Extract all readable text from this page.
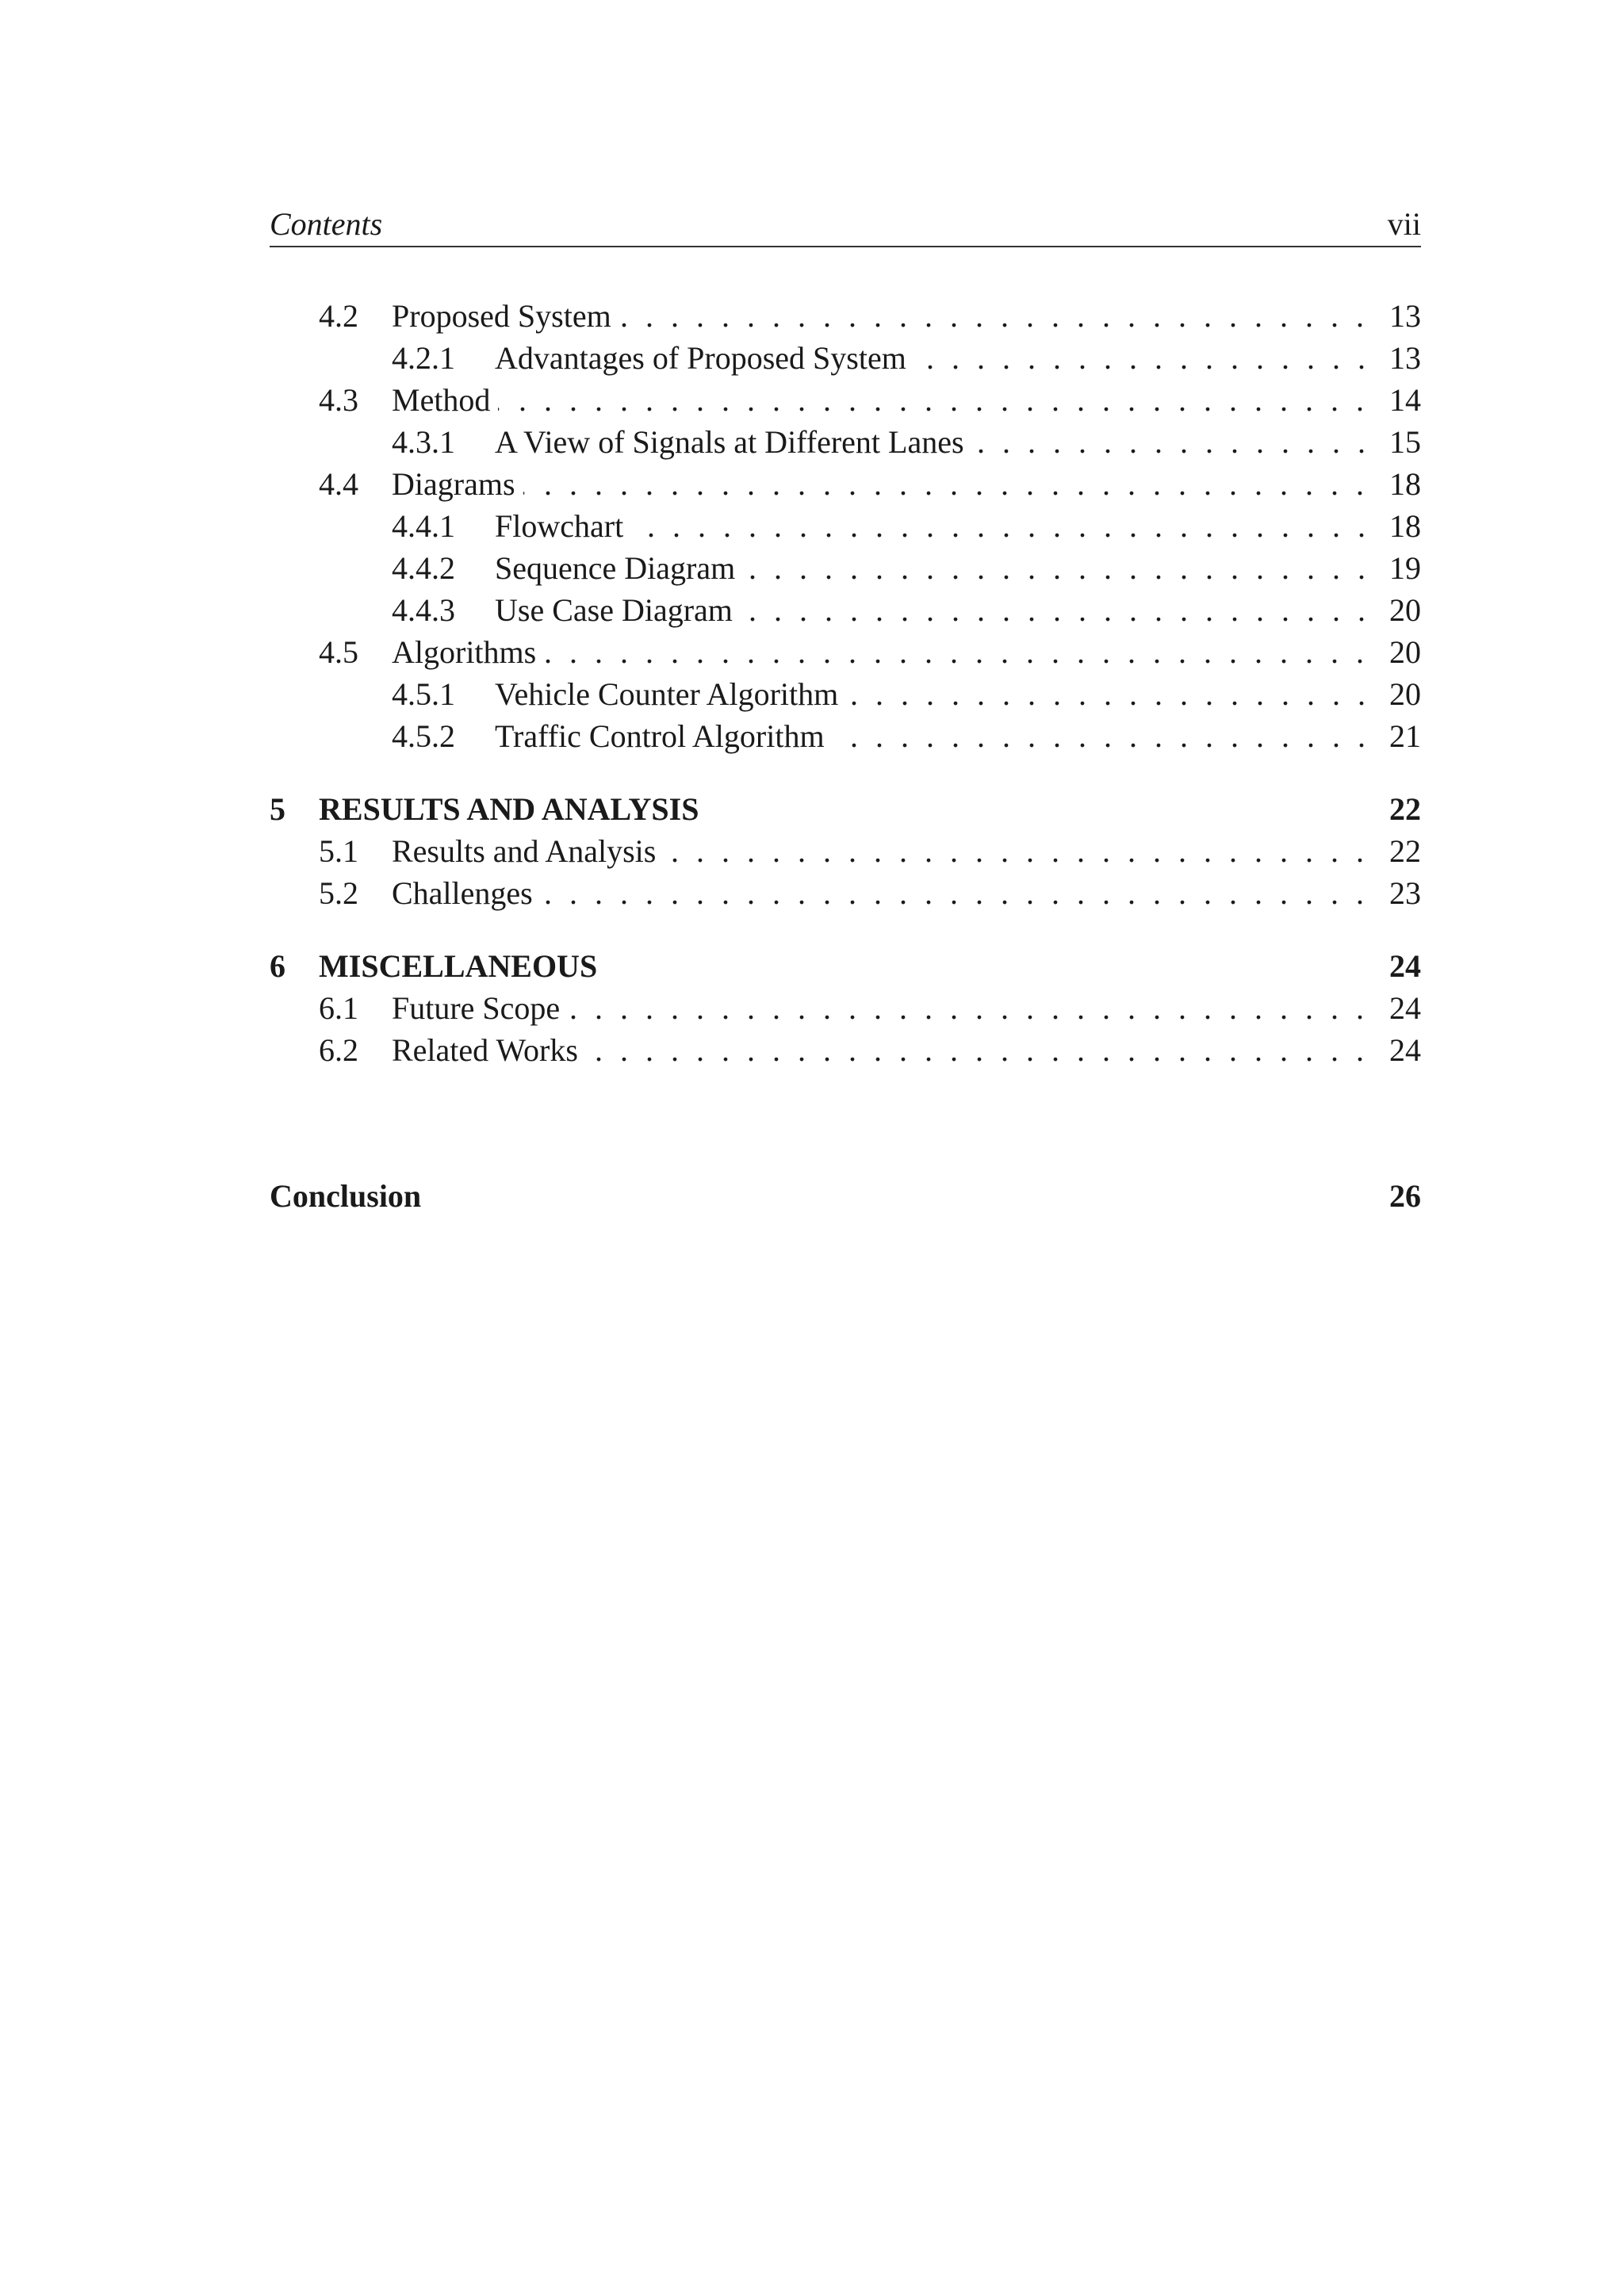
Contents	vii
. . .
4.2 Proposed System	13
. . .
4.2.1 Advantages of Proposed System	13
. . .
4.3 Method	14
. . .
4.3.1 A View of Signals at Different Lanes	15
. . .
4.4 Diagrams	18
. . .
4.4.1 Flowchart	18
. . .
4.4.2 Sequence Diagram	19
. . .
4.4.3 Use Case Diagram	20
. . .
4.5 Algorithms	20
. . .
4.5.1 Vehicle Counter Algorithm	20
. . .
4.5.2 Traffic Control Algorithm	21
5 RESULTS AND ANALYSIS	22
. . .
5.1 Results and Analysis	22
. . .
5.2 Challenges	23
6 MISCELLANEOUS	24
. . .
6.1 Future Scope	24
. . .
6.2 Related Works	24
Conclusion	26
